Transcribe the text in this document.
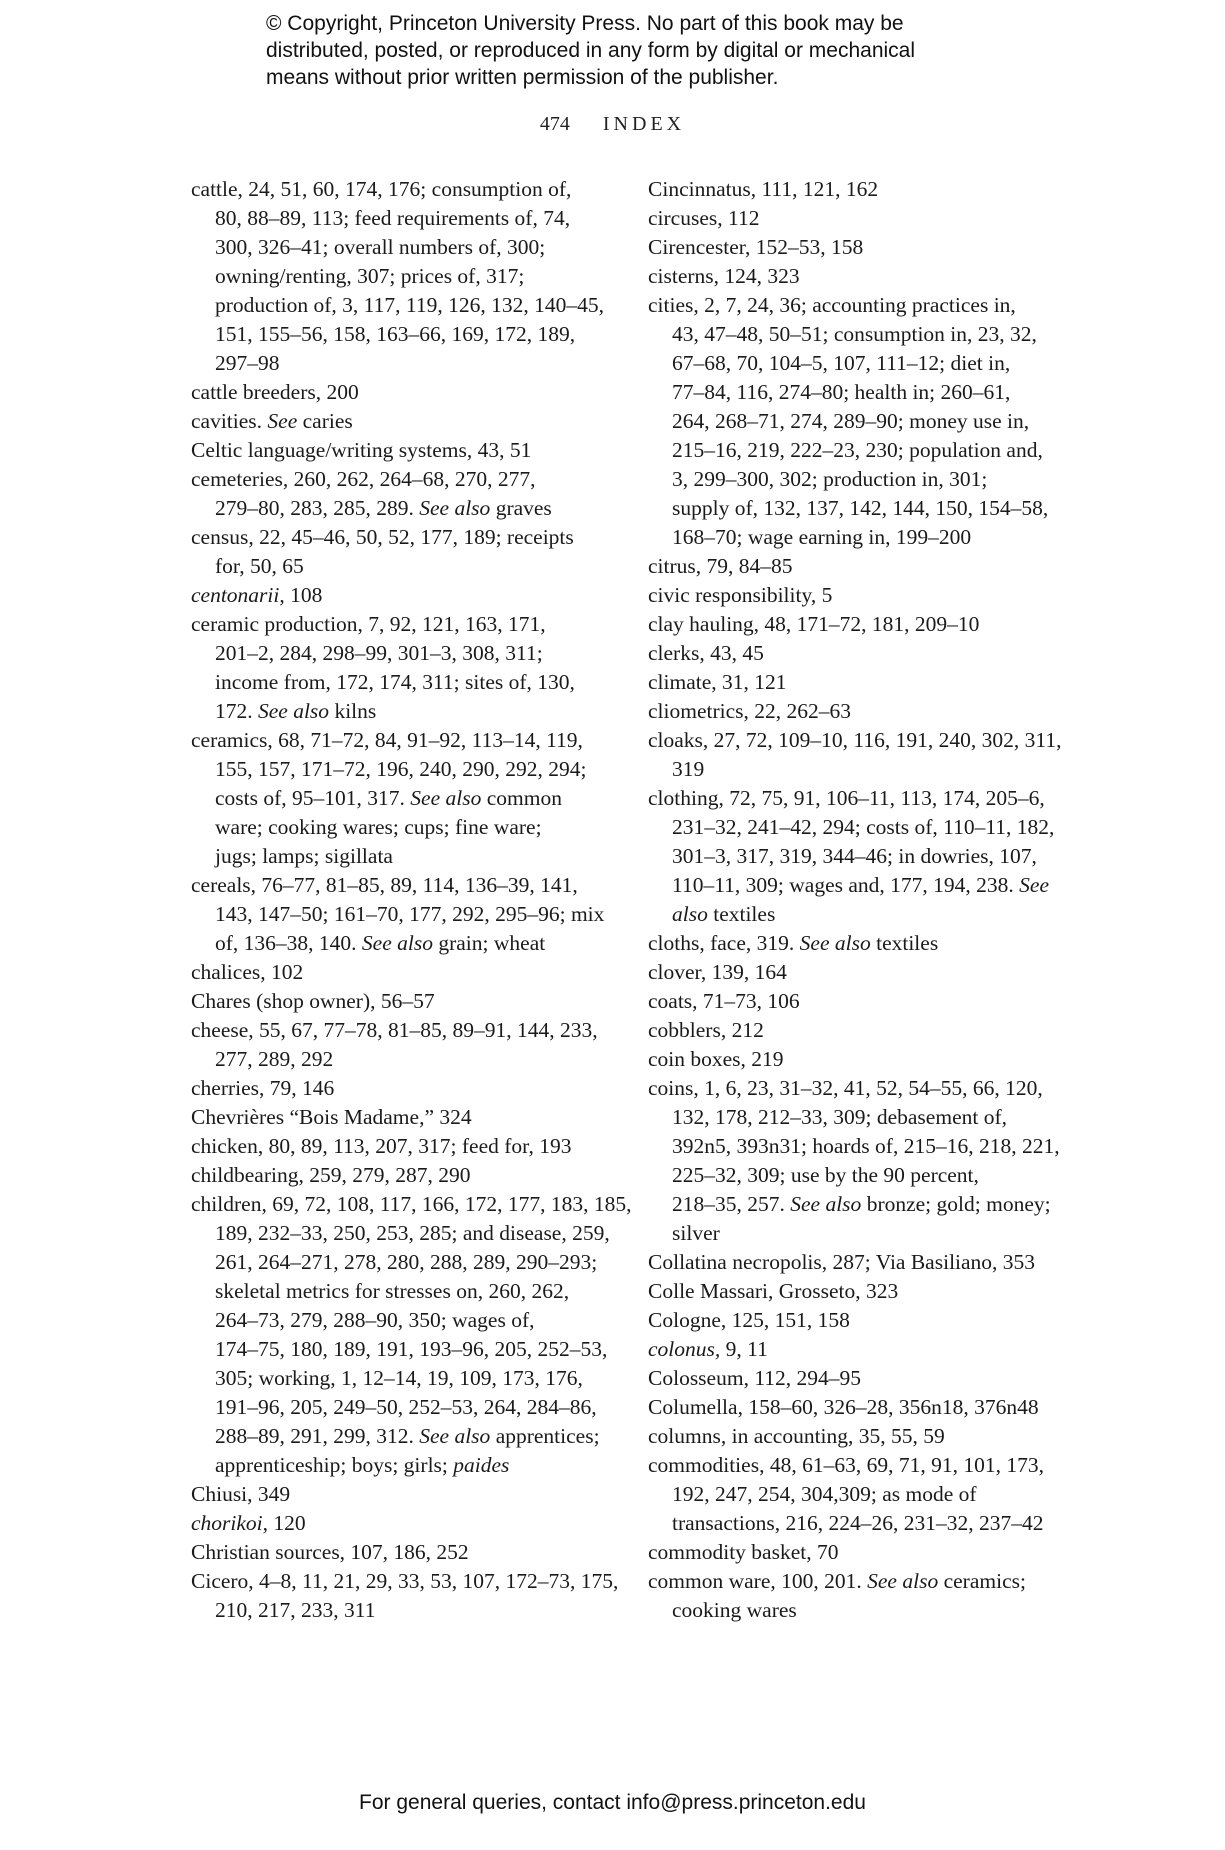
© Copyright, Princeton University Press. No part of this book may be
distributed, posted, or reproduced in any form by digital or mechanical
means without prior written permission of the publisher.
474 INDEX
cattle, 24, 51, 60, 174, 176; consumption of,
80, 88–89, 113; feed requirements of, 74,
300, 326–41; overall numbers of, 300;
owning/renting, 307; prices of, 317;
production of, 3, 117, 119, 126, 132, 140–45,
151, 155–56, 158, 163–66, 169, 172, 189,
297–98
cattle breeders, 200
cavities. See caries
Celtic language/writing systems, 43, 51
cemeteries, 260, 262, 264–68, 270, 277,
279–80, 283, 285, 289. See also graves
census, 22, 45–46, 50, 52, 177, 189; receipts
for, 50, 65
centonarii, 108
ceramic production, 7, 92, 121, 163, 171,
201–2, 284, 298–99, 301–3, 308, 311;
income from, 172, 174, 311; sites of, 130,
172. See also kilns
ceramics, 68, 71–72, 84, 91–92, 113–14, 119,
155, 157, 171–72, 196, 240, 290, 292, 294;
costs of, 95–101, 317. See also common
ware; cooking wares; cups; fine ware;
jugs; lamps; sigillata
cereals, 76–77, 81–85, 89, 114, 136–39, 141,
143, 147–50; 161–70, 177, 292, 295–96; mix
of, 136–38, 140. See also grain; wheat
chalices, 102
Chares (shop owner), 56–57
cheese, 55, 67, 77–78, 81–85, 89–91, 144, 233,
277, 289, 292
cherries, 79, 146
Chevrières “Bois Madame,” 324
chicken, 80, 89, 113, 207, 317; feed for, 193
childbearing, 259, 279, 287, 290
children, 69, 72, 108, 117, 166, 172, 177, 183, 185,
189, 232–33, 250, 253, 285; and disease, 259,
261, 264–271, 278, 280, 288, 289, 290–293;
skeletal metrics for stresses on, 260, 262,
264–73, 279, 288–90, 350; wages of,
174–75, 180, 189, 191, 193–96, 205, 252–53,
305; working, 1, 12–14, 19, 109, 173, 176,
191–96, 205, 249–50, 252–53, 264, 284–86,
288–89, 291, 299, 312. See also apprentices;
apprenticeship; boys; girls; paides
Chiusi, 349
chorikoi, 120
Christian sources, 107, 186, 252
Cicero, 4–8, 11, 21, 29, 33, 53, 107, 172–73, 175,
210, 217, 233, 311
Cincinnatus, 111, 121, 162
circuses, 112
Cirencester, 152–53, 158
cisterns, 124, 323
cities, 2, 7, 24, 36; accounting practices in,
43, 47–48, 50–51; consumption in, 23, 32,
67–68, 70, 104–5, 107, 111–12; diet in,
77–84, 116, 274–80; health in; 260–61,
264, 268–71, 274, 289–90; money use in,
215–16, 219, 222–23, 230; population and,
3, 299–300, 302; production in, 301;
supply of, 132, 137, 142, 144, 150, 154–58,
168–70; wage earning in, 199–200
citrus, 79, 84–85
civic responsibility, 5
clay hauling, 48, 171–72, 181, 209–10
clerks, 43, 45
climate, 31, 121
cliometrics, 22, 262–63
cloaks, 27, 72, 109–10, 116, 191, 240, 302, 311,
319
clothing, 72, 75, 91, 106–11, 113, 174, 205–6,
231–32, 241–42, 294; costs of, 110–11, 182,
301–3, 317, 319, 344–46; in dowries, 107,
110–11, 309; wages and, 177, 194, 238. See
also textiles
cloths, face, 319. See also textiles
clover, 139, 164
coats, 71–73, 106
cobblers, 212
coin boxes, 219
coins, 1, 6, 23, 31–32, 41, 52, 54–55, 66, 120,
132, 178, 212–33, 309; debasement of,
392n5, 393n31; hoards of, 215–16, 218, 221,
225–32, 309; use by the 90 percent,
218–35, 257. See also bronze; gold; money;
silver
Collatina necropolis, 287; Via Basiliano, 353
Colle Massari, Grosseto, 323
Cologne, 125, 151, 158
colonus, 9, 11
Colosseum, 112, 294–95
Columella, 158–60, 326–28, 356n18, 376n48
columns, in accounting, 35, 55, 59
commodities, 48, 61–63, 69, 71, 91, 101, 173,
192, 247, 254, 304,309; as mode of
transactions, 216, 224–26, 231–32, 237–42
commodity basket, 70
common ware, 100, 201. See also ceramics;
cooking wares
For general queries, contact info@press.princeton.edu
